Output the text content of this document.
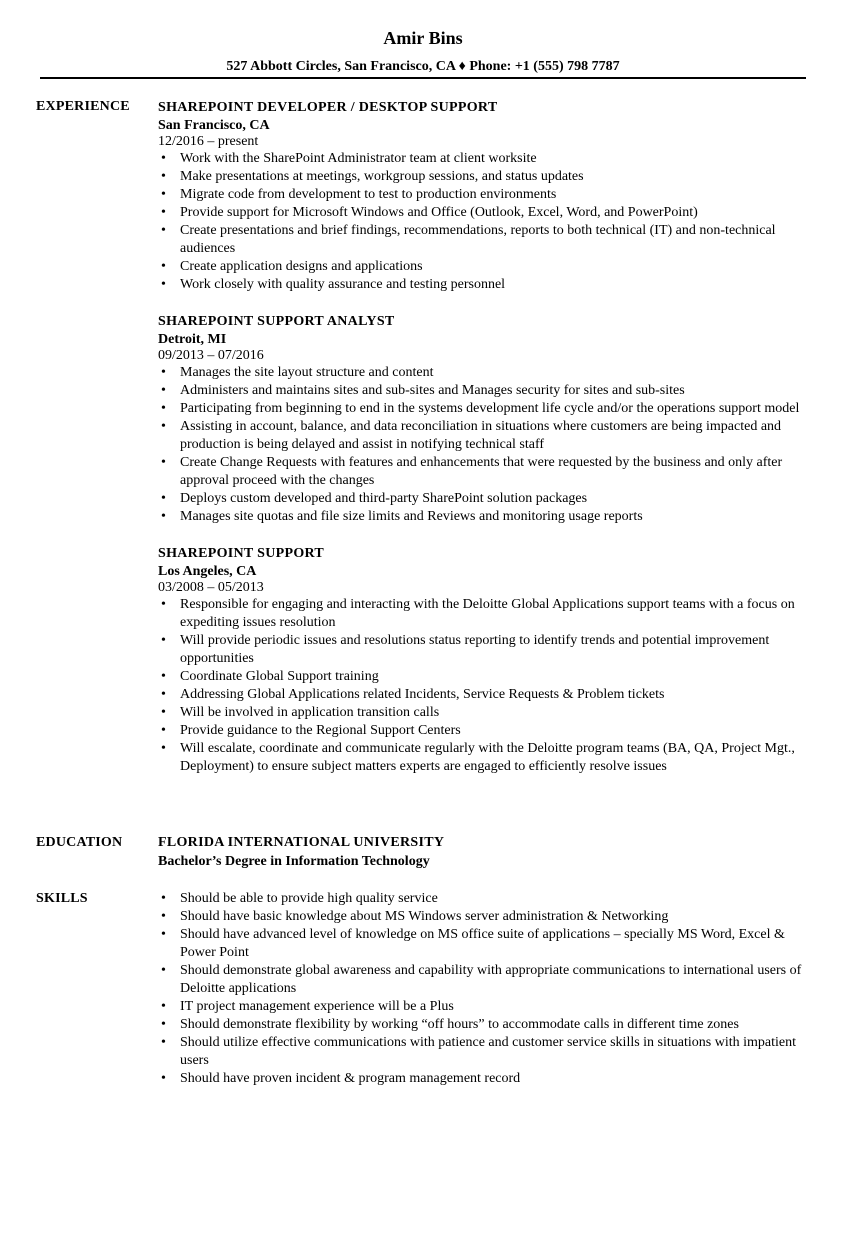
Amir Bins
527 Abbott Circles, San Francisco, CA ♦ Phone: +1 (555) 798 7787
EXPERIENCE SHAREPOINT DEVELOPER / DESKTOP SUPPORT
San Francisco, CA
12/2016 – present
• Work with the SharePoint Administrator team at client worksite
• Make presentations at meetings, workgroup sessions, and status updates
• Migrate code from development to test to production environments
• Provide support for Microsoft Windows and Office (Outlook, Excel, Word, and PowerPoint)
• Create presentations and brief findings, recommendations, reports to both technical (IT) and non-technical audiences
• Create application designs and applications
• Work closely with quality assurance and testing personnel
SHAREPOINT SUPPORT ANALYST
Detroit, MI
09/2013 – 07/2016
• Manages the site layout structure and content
• Administers and maintains sites and sub-sites and Manages security for sites and sub-sites
• Participating from beginning to end in the systems development life cycle and/or the operations support model
• Assisting in account, balance, and data reconciliation in situations where customers are being impacted and production is being delayed and assist in notifying technical staff
• Create Change Requests with features and enhancements that were requested by the business and only after approval proceed with the changes
• Deploys custom developed and third-party SharePoint solution packages
• Manages site quotas and file size limits and Reviews and monitoring usage reports
SHAREPOINT SUPPORT
Los Angeles, CA
03/2008 – 05/2013
• Responsible for engaging and interacting with the Deloitte Global Applications support teams with a focus on expediting issues resolution
• Will provide periodic issues and resolutions status reporting to identify trends and potential improvement opportunities
• Coordinate Global Support training
• Addressing Global Applications related Incidents, Service Requests & Problem tickets
• Will be involved in application transition calls
• Provide guidance to the Regional Support Centers
• Will escalate, coordinate and communicate regularly with the Deloitte program teams (BA, QA, Project Mgt., Deployment) to ensure subject matters experts are engaged to efficiently resolve issues
EDUCATION	FLORIDA INTERNATIONAL UNIVERSITY
Bachelor’s Degree in Information Technology
SKILLS	• Should be able to provide high quality service
• Should have basic knowledge about MS Windows server administration & Networking
• Should have advanced level of knowledge on MS office suite of applications – specially MS Word, Excel & Power Point
• Should demonstrate global awareness and capability with appropriate communications to international users of Deloitte applications
• IT project management experience will be a Plus
• Should demonstrate flexibility by working “off hours” to accommodate calls in different time zones
• Should utilize effective communications with patience and customer service skills in situations with impatient users
• Should have proven incident & program management record
